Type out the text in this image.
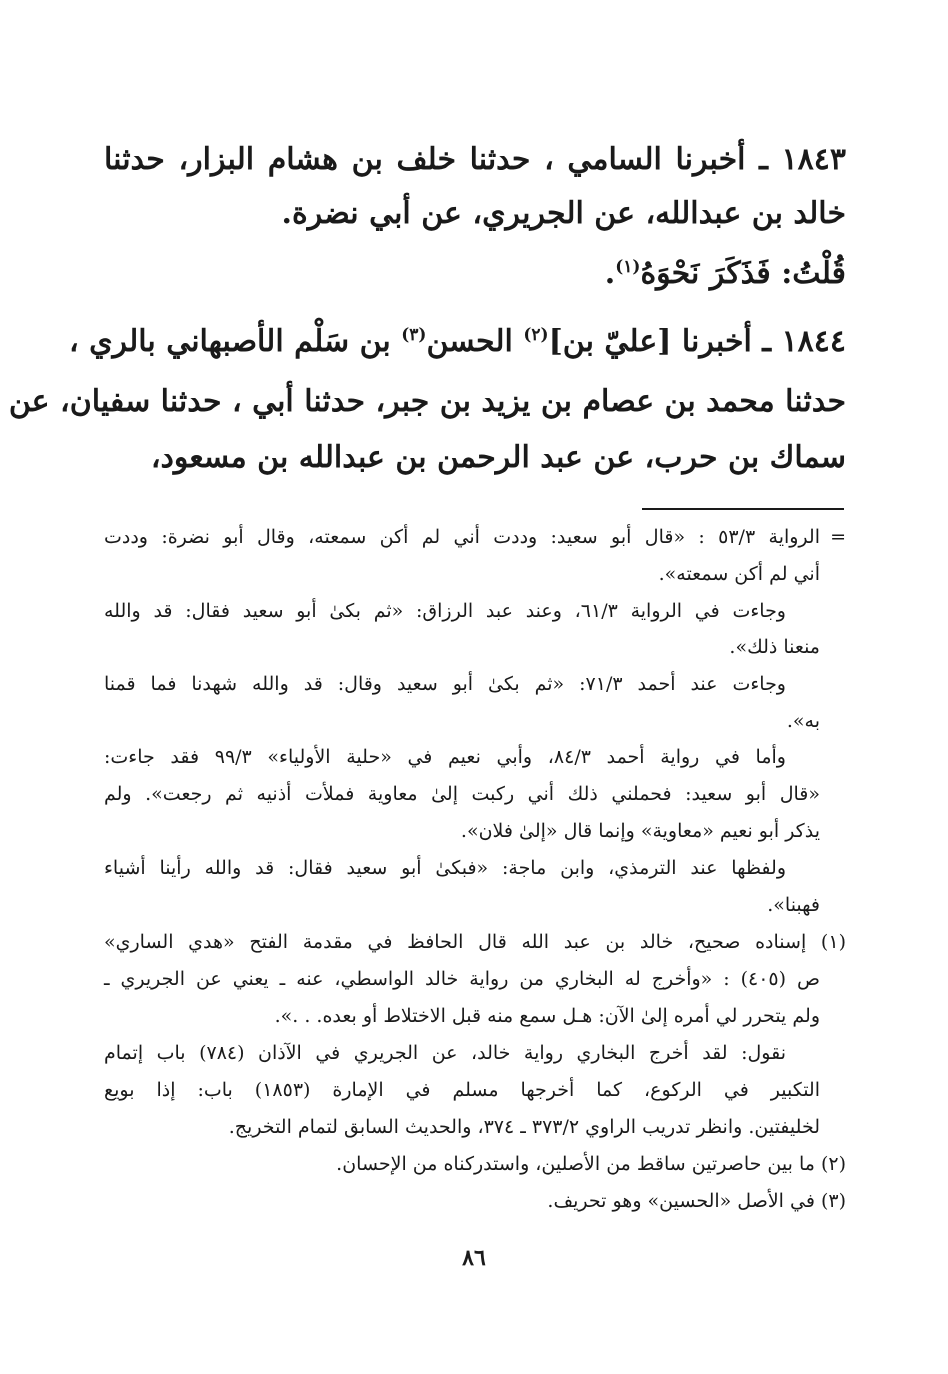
١٨٤٣ ـ أخبرنا السامي ، حدثنا خلف بن هشام البزار، حدثنا
خالد بن عبدالله، عن الجريري، عن أبي نضرة.
قُلْتُ: فَذَكَرَ نَحْوَهُ$^{(١)}$.
١٨٤٤ ـ أخبرنا [عليّ بن]$^{(٢)}$ الحسن$^{(٣)}$ بن سَلْم الأصبهاني بالري ،
حدثنا محمد بن عصام بن يزيد بن جبر، حدثنا أبي ، حدثنا سفيان، عن
سماك بن حرب، عن عبد الرحمن بن عبدالله بن مسعود،
الرواية ٥٣/٣ : «قال أبو سعيد: وددت أني لم أكن سمعته، وقال أبو نضرة: وددت =
أني لم أكن سمعته».
وجاءت في الرواية ٦١/٣، وعند عبد الرزاق: «ثم بكىٰ أبو سعيد فقال: قد والله
منعنا ذلك».
وجاءت عند أحمد ٧١/٣: «ثم بكىٰ أبو سعيد وقال: قد والله شهدنا فما قمنا
به».
وأما في رواية أحمد ٨٤/٣، وأبي نعيم في «حلية الأولياء» ٩٩/٣ فقد جاءت:
«قال أبو سعيد: فحملني ذلك أني ركبت إلىٰ معاوية فملأت أذنيه ثم رجعت». ولم
يذكر أبو نعيم «معاوية» وإنما قال «إلىٰ فلان».
ولفظها عند الترمذي، وابن ماجة: «فبكىٰ أبو سعيد فقال: قد والله رأينا أشياء
فهبنا».
(١) إسناده صحيح، خالد بن عبد الله قال الحافظ في مقدمة الفتح «هدي الساري»
ص (٤٠٥) : «وأخرج له البخاري من رواية خالد الواسطي، عنه ـ يعني عن الجريري ـ
ولم يتحرر لي أمره إلىٰ الآن: هـل سمع منه قبل الاختلاط أو بعده. . .».
نقول: لقد أخرج البخاري رواية خالد، عن الجريري في الآذان (٧٨٤) باب إتمام
التكبير في الركوع، كما أخرجها مسلم في الإمارة (١٨٥٣) باب: إذا بويع
لخليفتين. وانظر تدريب الراوي ٣٧٣/٢ ـ ٣٧٤، والحديث السابق لتمام التخريج.
(٢) ما بين حاصرتين ساقط من الأصلين، واستدركناه من الإحسان.
(٣) في الأصل «الحسين» وهو تحريف.
٨٦
